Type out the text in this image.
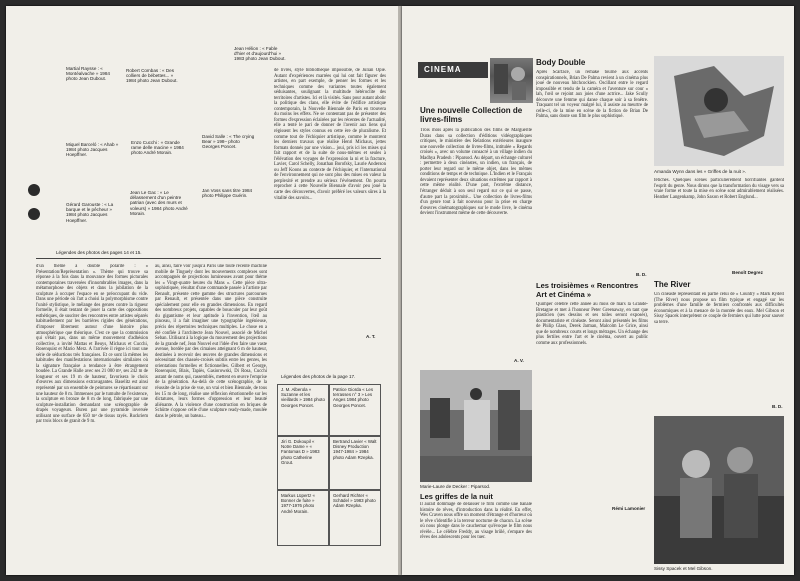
Martial Raysse : « Montéalvache » 1984 photo Jean Dubout.
Robert Combas : « Des colliers de bébettes... » 1984 photo Jean Dubout.
Jean Hélion : « Fable d'hier et d'aujourd'hui » 1983 photo Jean Dubout.
Miquel Barceló : « Ahab » 1984 photo Jacques Hoepffner.
Enzo Cucchi : « Grande rame delle macine » 1984 photo André Morain.
David Salle : « The crying Bear » 198– photo Georges Poncet.
Gérard Garouste : « La barque et le pêcheur » 1984 photo Jacques Hoepffner.
Jean Le Gac : « Le délassement d'un peintre patrian (avec des murs et voleurs) » 1984 photo André Morain.
Jan Voss sans titre 1984 photo Philippe Guérin.
Légendes des photos des pages 14 et 15.
d'un thème à double polarité : « Présentation/Représentation ». Thème qui trouve sa réponse à la fois dans la mouvance des formes picturales contemporaines traversées d'innombrables images, dans la métamorphose des objets et dans la jubilation de la sculpture à occuper l'espace en se préoccupant du vide. Dans une période où l'art a choisi la polymorphisme contre l'unité stylistique, le mélange des genres contre la rigueur formelle, il était tentant de jouer la carte des oppositions esthétiques, de susciter des rencontres entre artistes séparés habituellement par les barrières rigides des générations, d'imposer librement autour d'une histoire plus atmosphérique que théorique. C'est ce que la commission qui s'était pas, dans un même mouvement d'adhésion collective, a invité Mattas et Beuys, Michaux et Cucchi, Rosenquist et Mario Merz. A l'arrivée il règne ici tout une série de séductions très françaises. Et ce sont là mêmes les habitudes des manifestations internationales similaires où la signature française a tendance à être étrangement boudée. La Grande Halle avec ses 21 000 m², ses 242 m de longueur et ses 19 m de hauteur, favorisera le choix d'œuvres aux dimensions extravagantes. Baselitz est ainsi représenté par un ensemble de peintures se répartissant sur une hauteur de 8 m. Immenses par le tumulte de l'existence, la sculpture en bronze de 8 m de long, fabriquée par une sculpture-installation demandant une scénographie de drapés voyageurs. Buren par une pyramide inversée utilisant une surface de 650 m² de tissus rayés. Ruckriem par trois blocs de granit de 9 m.
au, ainsi, faire voir jusqu'à Paris une toute récente machine mobile de Tinguely dont les mouvements complexes sont accompagnés de projections lumineuses avant pour thème les « Vingt-quatre heures du Mans ». Cette pièce ultra-sophistiquée, résultat d'une commande passée à l'artiste par Renault, présente cette gamme des structures parcourues par Renault, et présentée dans une pièce construite spécialement pour elle en grandes dimensions. En regard des nombreux projets, capables de bousculer par leur goût du gigantisme et leur aptitude à l'invention, l'œil au pinceau, il a fait imaginer une typographie ingénieuse, précis des répertoires techniques multiples. Le chose en a été confiée à l'architecte Jean Nouvel, associé de Michel Seban. Utilisant à la logique du mouvement des projections de la grande nef, Jean Nouvel eut l'idée d'en faire une vaste avenue, bordée par des cimaises atteignant 6 m de hauteur, destinées à recevoir des œuvres de grandes dimensions et nécessitant des chassés-croisés subtils entre les genres, les orientations formelles et fictionnelles. Gilbert et George, Rosenquist, Blais, Tapiès, Gasiorowski, Di Rosa, Cucchi autant de noms qui, rassemblés, mettent en œuvre l'emprise de la génération. Au-delà de cette scénographie, de la réussite de la prise de vue, un vrai et bien Biennale, de tous les 15 m de long, réalise une réflexion émotionnelle sur les dictatures, leurs formes d'oppression et leur beauté aliénante. A la violence d'une construction en briques de Schütte s'oppose celle d'une sculpture ready-made, moulée dans le pétrole, un bateau...
de livres, style bibliothèque impossible, de Julian Opie. Autant d'expériences marrées qui lui ont fait figurer des artistes, en part exemple, de penser les formes et les techniques comme des variantes toutes également séduisantes, soulignant la multitude hétéroclite des territoires d'artistes. Ici et là visités. Sans pour autant abolir la politique des clans, elle évite de l'édifice artistique contemporain, la Nouvelle Biennale de Paris en trouvera du moins les effets. Ne se contentant pas de présenter des formes d'expression éclairées par les récentes de l'actualité, elle a tenté le pari de donner de l'avenir aux liens qui régissent les styles connus en cette ère de pluralisme. Et comme tout de l'échiquier artistique, comme le montrent les derniers travaux que réalise Henri Michaux, jettes formats donnés par une vision... joui, pris ici les mises qui fait rapport et de la suite de nous-mêmes et seules à l'élévation des voyages de l'expression la ni et la fracture, Lavier, Carol Schelly, Jonathan Borofsky, Laurie Anderson ou Jeff Koons au contexte de l'échiquier, et l'international de l'environnement qui ne sont plus des mises en valeur la perplexité et prendre au sérieux l'événement. On pourra reprocher à cette Nouvelle Biennale d'avoir peu joué la carte des découvertes, d'avoir préféré les valeurs sûres à la vitalité des savoirs...
Légendes des photos de la page 17.
J. M. Alberola « Suzanne et les vieillards » 1984 photo Georges Poncet.
Patrice Giorda « Les terrasses n° 3 » Les Anges 1984 photo Georges Poncet.
Jiri G. Dokoupil « Notre Dame » « Fantomas D » 1983 photo Catherine Grout.
Bertrand Lavier « Walt Disney Production 1947-1984 » 1984 photo Adam Rzepka.
Markus Lüpertz « Bonner de fuite » 1977-1976 photo André Morain.
Gerhard Richter « Schädel » 1983 photo Adam Rzepka.
A. T.
CINEMA
Une nouvelle Collection de livres-films
Trois mois après la publication des films de Marguerite Duras dans sa collection d'éditions vidéographiques critiques, le ministère des Relations extérieures inaugure une nouvelle collection de livres-films, intitulée « Regards croisés », avec un volume consacré à un village indien du Madhya Pradesh : Piparsod. Au départ, un échange culturel : permettre à deux cinéastes, un indien, un français, de porter leur regard sur le même objet, dans les mêmes conditions de temps et de technique. L'Indien et le Français devaient représenter deux situations extrêmes par rapport à cette même réalité. D'une part, l'extrême distance, l'étranger déduit à son seul regard sur ce qui se passe, d'autre part la proximité... Une collection de livres-films d'un genre tout à fait nouveau pour la prise en charge d'œuvres cinématographiques sur le mode livre, le cinéma devient l'instrument même de cette découverte.
A. V.
Marie-Laure de Decker : Piparsod.
Les griffes de la nuit
Il aurait dommage de délaisser le film comme une banale histoire de rêves, d'introduction dans la réalité. En effet, Wes Craven nous offre un moment d'étrange et d'horreur où le rêve s'identifie à la terreur nocturne de chacun. La scène où nous plonge dans le cauchemar qu'évoque le film nous révèle... Le célèbre Freddy, au visage brûlé, s'empare des rêves des adolescents pour les tuer.
Body Double
Après Scarface, un remake tourné aux accents conspirationnels, Brian De Palma revient à un cinéma plus joué de nouveau hitchcockien. Oscillant entre le regard impossible et tendu de la caméra et l'aventure sur cour « lah, l'œil se rejoint aux joies d'une actrice... Jake Scully découvre une femme qui danse chaque soir à sa fenêtre. Traquant tel un voyeur malgré lui, il assiste au meurtre de celle-ci, de la mise en scène de la fiction de Brian De Palma, sans doute son film le plus sophistiqué.
B. D.
Les troisièmes « Rencontres Art et Cinéma »
Quimper célèbre cette année au mois de mars la Grande-Bretagne et met à l'honneur Peter Greenaway, en tant que plasticien (ses dessins et ses toiles seront exposés), documentariste et cinéaste. Seront ainsi présentés les films de Philip Glass, Derek Jarman, Malcolm Le Grice, ainsi que de nombreux courts et longs métrages. Un échange des plus fertiles entre l'art et le cinéma, ouvert au public comme aux professionnels.
Rémi Lamonier
Amanda Wynn dans les « Griffes de la nuit ».
fétiches. Quelques scènes particulièrement horrifiantes gardent l'esprit du genre. Nous dirons que la transformation du visage vers sa vraie forme et toute la mise en scène sont admirablement réalisées. Heather Langenkamp, John Saxon et Robert Englund...
Benoît Degrez
The River
Un cinéaste représentant en partie celui de « Country » Mark Rydell (The River) nous propose un film typique et engagé sur les problèmes d'une famille de fermiers confrontés aux difficultés économiques et à la menace de la montée des eaux. Mel Gibson et Sissy Spacek interprètent ce couple de fermiers qui lutte pour sauver sa terre.
B. D.
Sissy Spacek et Mel Gibson.
